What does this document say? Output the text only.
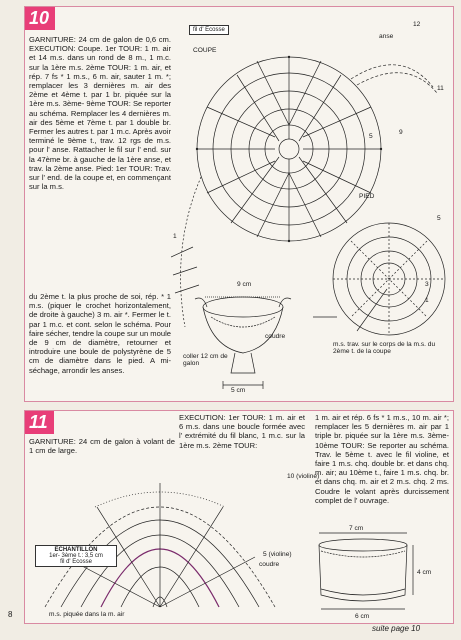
10

GARNITURE: 24 cm de galon de 0,6 cm. EXECUTION: Coupe. 1er TOUR: 1 m. air et 14 m.s. dans un rond de 8 m., 1 m.c. sur la 1ère m.s. 2ème TOUR: 1 m. air, et rép. 7 fs * 1 m.s., 6 m. air, sauter 1 m. *; remplacer les 3 dernières m. air des 2ème et 4ème t. par 1 br. piquée sur la 1ère m.s. 3ème- 9ème TOUR: Se reporter au schéma. Remplacer les 4 dernières m. air des 5ème et 7ème t. par 1 double br. Fermer les autres t. par 1 m.c. Après avoir terminé le 9ème t., trav. 12 rgs de m.s. pour l' anse. Rattacher le fil sur l' end. sur la 47ème br. à gauche de la 1ère anse, et trav. la 2ème anse. Pied: 1er TOUR: Trav. sur l' end. de la coupe et, en commençant sur la m.s.

du 2ème t. la plus proche de soi, rép. * 1 m.s. (piquer le crochet horizontalement, de droite à gauche) 3 m. air *. Fermer le t. par 1 m.c. et cont. selon le schéma. Pour faire sécher, tendre la coupe sur un moule de 9 cm de diamètre, retourner et introduire une boule de polystyrène de 5 cm de diamètre dans le pied. A mi-séchage, arrondir les anses.

fil d' Ecosse
COUPE
12
anse
11
9
5
1
PIED
5
3
1
9 cm
coudre
coller 12 cm de galon
m.s. trav. sur le corps de la m.s. du 2ème t. de la coupe
5 cm
11

GARNITURE: 24 cm de galon à volant de 1 cm de large.

EXECUTION: 1er TOUR: 1 m. air et 6 m.s. dans une boucle formée avec l' extrémité du fil blanc, 1 m.c. sur la 1ère m.s. 2ème TOUR:

1 m. air et rép. 6 fs * 1 m.s., 10 m. air *; remplacer les 5 dernières m. air par 1 triple br. piquée sur la 1ère m.s. 3ème- 10ème TOUR: Se reporter au schéma. Trav. le 5ème t. avec le fil violine, et faire 1 m.s. chq. double br. et dans chq. m. air; au 10ème t., faire 1 m.s. chq. br. et dans chq. m. air et 2 m.s. chq. 2 ms. Coudre le volant après durcissement complet de l' ouvrage.

10 (violine)
5 (violine)
coudre
ECHANTILLON
1er- 3ème t.: 3,5 cm
fil d' Ecosse
7 cm
4 cm
6 cm
m.s. piquée dans la m. air
8
suite page 10
